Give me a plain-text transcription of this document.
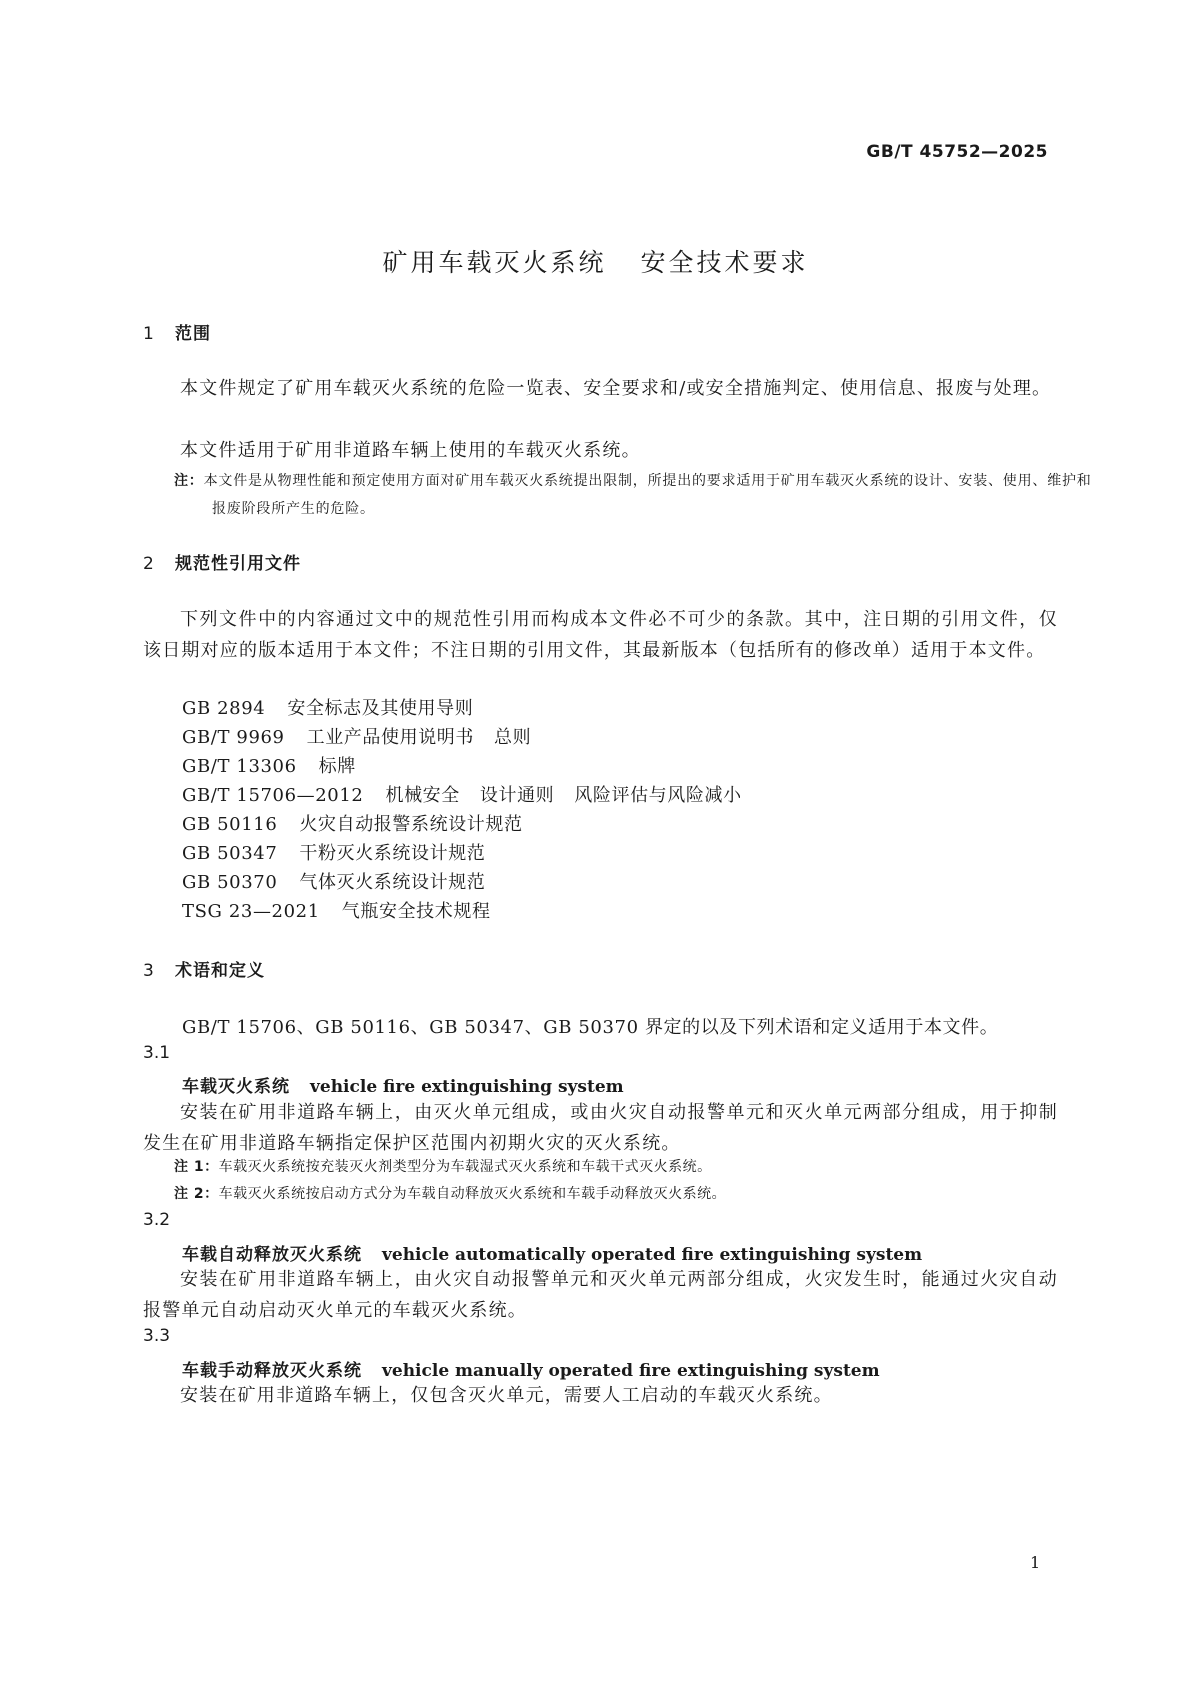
GB/T 45752—2025
矿用车载灭火系统 安全技术要求
1 范围
本文件规定了矿用车载灭火系统的危险一览表、安全要求和/或安全措施判定、使用信息、报废与处理。
本文件适用于矿用非道路车辆上使用的车载灭火系统。
注：本文件是从物理性能和预定使用方面对矿用车载灭火系统提出限制，所提出的要求适用于矿用车载灭火系统的设计、安装、使用、维护和报废阶段所产生的危险。
2 规范性引用文件
下列文件中的内容通过文中的规范性引用而构成本文件必不可少的条款。其中，注日期的引用文件，仅该日期对应的版本适用于本文件；不注日期的引用文件，其最新版本（包括所有的修改单）适用于本文件。
GB 2894 安全标志及其使用导则
GB/T 9969 工业产品使用说明书 总则
GB/T 13306 标牌
GB/T 15706—2012 机械安全 设计通则 风险评估与风险减小
GB 50116 火灾自动报警系统设计规范
GB 50347 干粉灭火系统设计规范
GB 50370 气体灭火系统设计规范
TSG 23—2021 气瓶安全技术规程
3 术语和定义
GB/T 15706、GB 50116、GB 50347、GB 50370 界定的以及下列术语和定义适用于本文件。
3.1
车载灭火系统 vehicle fire extinguishing system
安装在矿用非道路车辆上，由灭火单元组成，或由火灾自动报警单元和灭火单元两部分组成，用于抑制发生在矿用非道路车辆指定保护区范围内初期火灾的灭火系统。
注 1：车载灭火系统按充装灭火剂类型分为车载湿式灭火系统和车载干式灭火系统。
注 2：车载灭火系统按启动方式分为车载自动释放灭火系统和车载手动释放灭火系统。
3.2
车载自动释放灭火系统 vehicle automatically operated fire extinguishing system
安装在矿用非道路车辆上，由火灾自动报警单元和灭火单元两部分组成，火灾发生时，能通过火灾自动报警单元自动启动灭火单元的车载灭火系统。
3.3
车载手动释放灭火系统 vehicle manually operated fire extinguishing system
安装在矿用非道路车辆上，仅包含灭火单元，需要人工启动的车载灭火系统。
1
